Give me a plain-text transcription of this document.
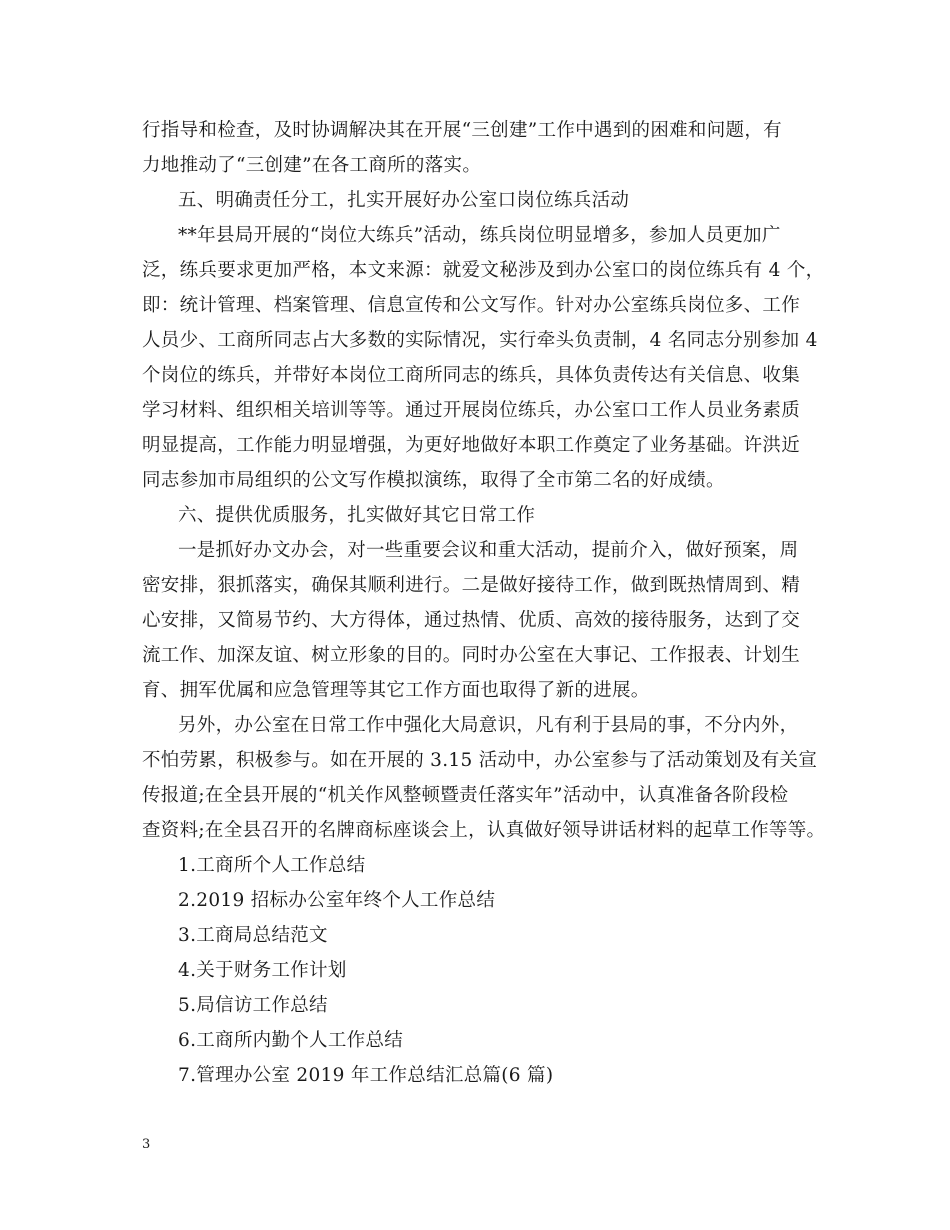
行指导和检查，及时协调解决其在开展“三创建”工作中遇到的困难和问题，有
力地推动了“三创建”在各工商所的落实。
五、明确责任分工，扎实开展好办公室口岗位练兵活动
**年县局开展的“岗位大练兵”活动，练兵岗位明显增多，参加人员更加广
泛，练兵要求更加严格，本文来源：就爱文秘涉及到办公室口的岗位练兵有 4 个，
即：统计管理、档案管理、信息宣传和公文写作。针对办公室练兵岗位多、工作
人员少、工商所同志占大多数的实际情况，实行牵头负责制，4 名同志分别参加 4
个岗位的练兵，并带好本岗位工商所同志的练兵，具体负责传达有关信息、收集
学习材料、组织相关培训等等。通过开展岗位练兵，办公室口工作人员业务素质
明显提高，工作能力明显增强，为更好地做好本职工作奠定了业务基础。许洪近
同志参加市局组织的公文写作模拟演练，取得了全市第二名的好成绩。
六、提供优质服务，扎实做好其它日常工作
一是抓好办文办会，对一些重要会议和重大活动，提前介入，做好预案，周
密安排，狠抓落实，确保其顺利进行。二是做好接待工作，做到既热情周到、精
心安排，又简易节约、大方得体，通过热情、优质、高效的接待服务，达到了交
流工作、加深友谊、树立形象的目的。同时办公室在大事记、工作报表、计划生
育、拥军优属和应急管理等其它工作方面也取得了新的进展。
另外，办公室在日常工作中强化大局意识，凡有利于县局的事，不分内外，
不怕劳累，积极参与。如在开展的 3.15 活动中，办公室参与了活动策划及有关宣
传报道;在全县开展的“机关作风整顿暨责任落实年”活动中，认真准备各阶段检
查资料;在全县召开的名牌商标座谈会上，认真做好领导讲话材料的起草工作等等。
1.工商所个人工作总结
2.2019 招标办公室年终个人工作总结
3.工商局总结范文
4.关于财务工作计划
5.局信访工作总结
6.工商所内勤个人工作总结
7.管理办公室 2019 年工作总结汇总篇(6 篇)
3
